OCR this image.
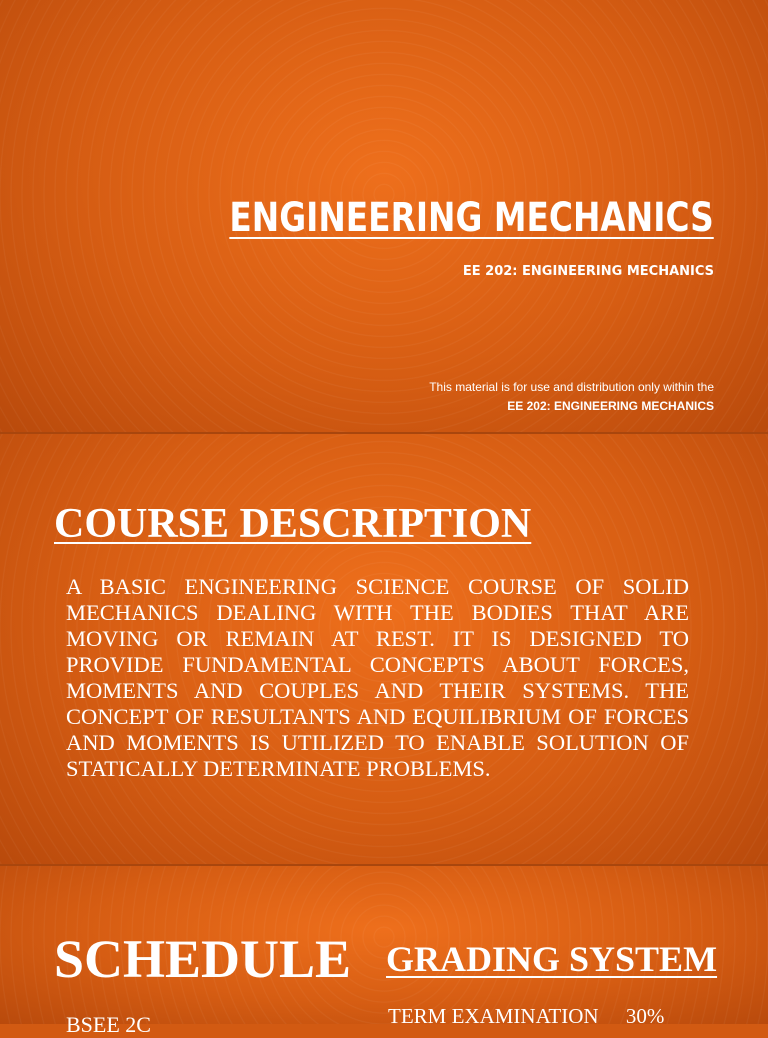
ENGINEERING MECHANICS
EE 202: ENGINEERING MECHANICS
This material is for use and distribution only within the
EE 202: ENGINEERING MECHANICS
COURSE DESCRIPTION

A BASIC ENGINEERING SCIENCE COURSE OF SOLID MECHANICS DEALING WITH THE BODIES THAT ARE MOVING OR REMAIN AT REST. IT IS DESIGNED TO PROVIDE FUNDAMENTAL CONCEPTS ABOUT FORCES, MOMENTS AND COUPLES AND THEIR SYSTEMS. THE CONCEPT OF RESULTANTS AND EQUILIBRIUM OF FORCES AND MOMENTS IS UTILIZED TO ENABLE SOLUTION OF STATICALLY DETERMINATE PROBLEMS.

SCHEDULE GRADING SYSTEM
BSEE 2C	TERM EXAMINATION 30%
